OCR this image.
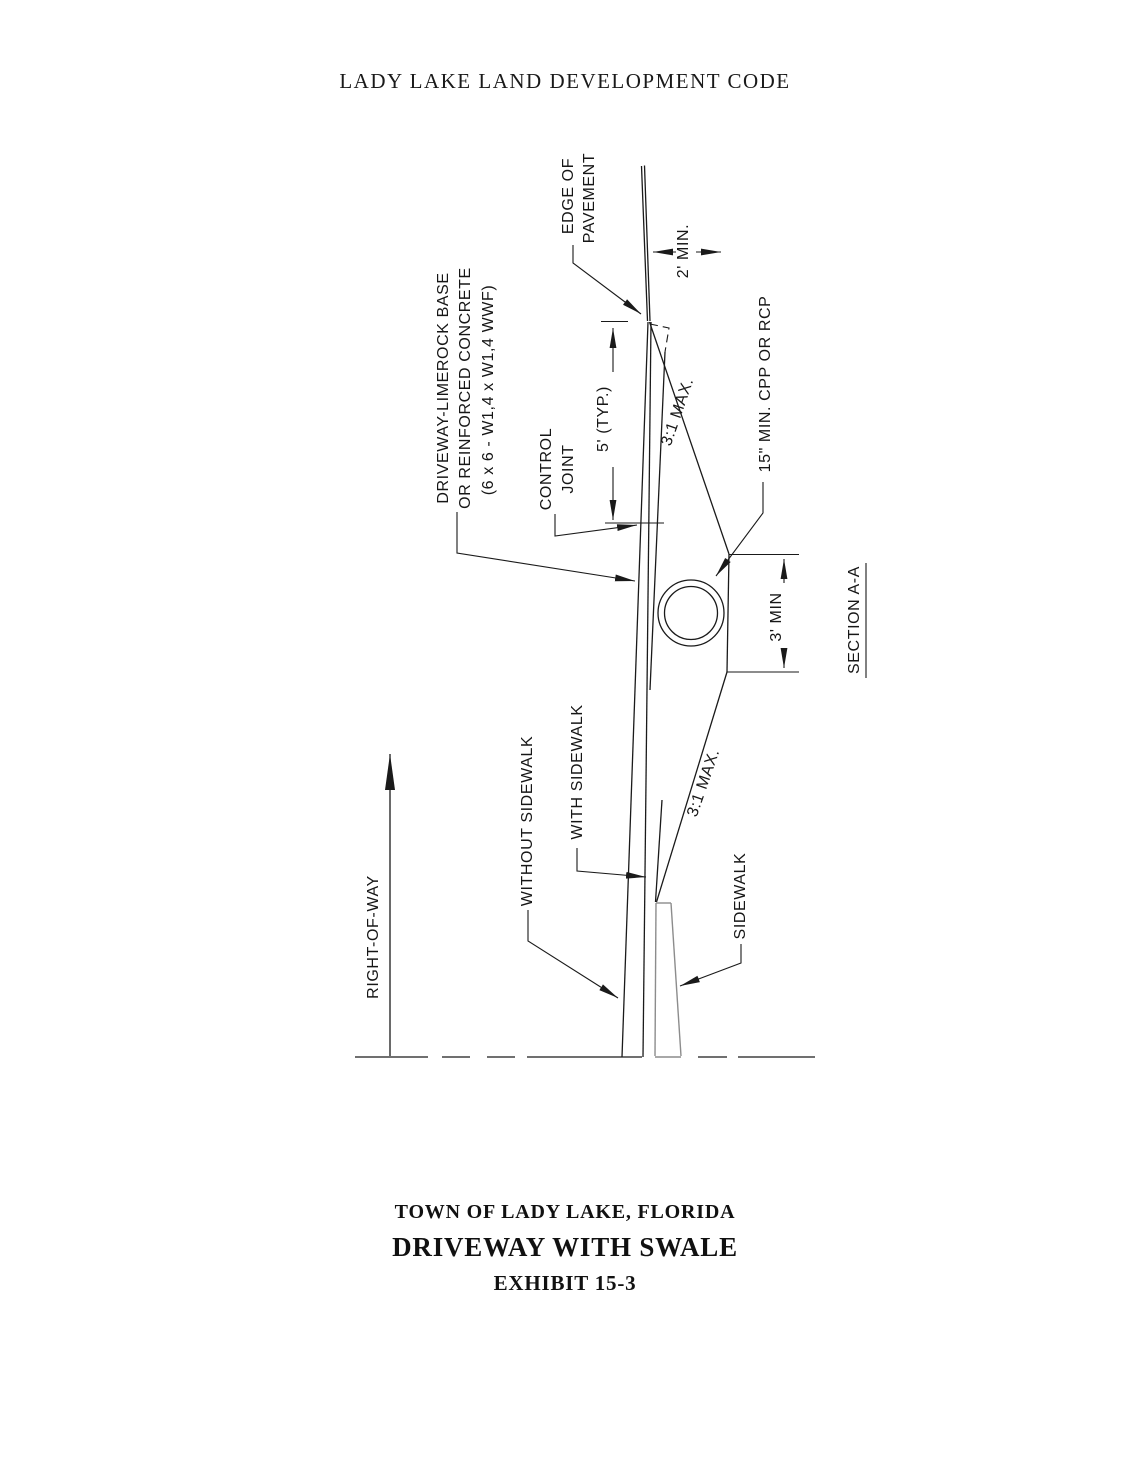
LADY LAKE LAND DEVELOPMENT CODE
EDGE OF PAVEMENT
2' MIN.
3:1 MAX.
3:1 MAX.
DRIVEWAY-LIMEROCK BASE OR REINFORCED CONCRETE (6 x 6 - W1,4 x W1,4 WWF)	CONTROL JOINT
5' (TYP.)	15" MIN. CPP OR RCP
3' MIN	SECTION A-A
SIDEWALK
WITH SIDEWALK
WITHOUT SIDEWALK
RIGHT-OF-WAY
TOWN OF LADY LAKE, FLORIDA
DRIVEWAY WITH SWALE
EXHIBIT 15-3
